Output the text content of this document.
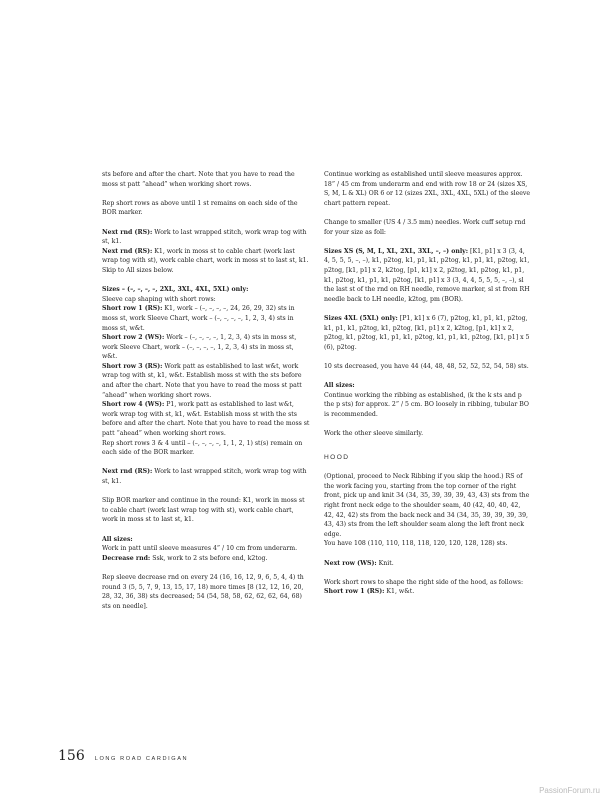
sts before and after the chart. Note that you have to read the moss st patt “ahead” when working short rows.
Rep short rows as above until 1 st remains on each side of the BOR marker.
Next rnd (RS): Work to last wrapped stitch, work wrap tog with st, k1.
Next rnd (RS): K1, work in moss st to cable chart (work last wrap tog with st), work cable chart, work in moss st to last st, k1. Skip to All sizes below.
Sizes – (–, –, –, –, 2XL, 3XL, 4XL, 5XL) only:
Sleeve cap shaping with short rows:
Short row 1 (RS): K1, work – (–, –, –, –, 24, 26, 29, 32) sts in moss st, work Sleeve Chart, work – (–, –, –, –, 1, 2, 3, 4) sts in moss st, w&t.
Short row 2 (WS): Work – (–, –, –, –, 1, 2, 3, 4) sts in moss st, work Sleeve Chart, work – (–, –, –, –, 1, 2, 3, 4) sts in moss st, w&t.
Short row 3 (RS): Work patt as established to last w&t, work wrap tog with st, k1, w&t. Establish moss st with the sts before and after the chart. Note that you have to read the moss st patt “ahead” when working short rows.
Short row 4 (WS): P1, work patt as established to last w&t, work wrap tog with st, k1, w&t. Establish moss st with the sts before and after the chart. Note that you have to read the moss st patt “ahead” when working short rows.
Rep short rows 3 & 4 until – (–, –, –, –, 1, 1, 2, 1) st(s) remain on each side of the BOR marker.
Next rnd (RS): Work to last wrapped stitch, work wrap tog with st, k1.
Slip BOR marker and continue in the round: K1, work in moss st to cable chart (work last wrap tog with st), work cable chart, work in moss st to last st, k1.
All sizes:
Work in patt until sleeve measures 4” / 10 cm from underarm.
Decrease rnd: Ssk, work to 2 sts before end, k2tog.
Rep sleeve decrease rnd on every 24 (16, 16, 12, 9, 6, 5, 4, 4) th round 3 (5, 5, 7, 9, 13, 15, 17, 18) more times [8 (12, 12, 16, 20, 28, 32, 36, 38) sts decreased; 54 (54, 58, 58, 62, 62, 62, 64, 68) sts on needle].
Continue working as established until sleeve measures approx. 18” / 45 cm from underarm and end with row 18 or 24 (sizes XS, S, M, L & XL) OR 6 or 12 (sizes 2XL, 3XL, 4XL, 5XL) of the sleeve chart pattern repeat.
Change to smaller (US 4 / 3.5 mm) needles. Work cuff setup rnd for your size as foll:
Sizes XS (S, M, L, XL, 2XL, 3XL, –, –) only: [K1, p1] x 3 (3, 4, 4, 5, 5, 5, –, –), k1, p2tog, k1, p1, k1, p2tog, k1, p1, k1, p2tog, k1, p2tog, [k1, p1] x 2, k2tog, [p1, k1] x 2, p2tog, k1, p2tog, k1, p1, k1, p2tog, k1, p1, k1, p2tog, [k1, p1] x 3 (3, 4, 4, 5, 5, 5, –, –), sl the last st of the rnd on RH needle, remove marker, sl st from RH needle back to LH needle, k2tog, pm (BOR).
Sizes 4XL (5XL) only: [P1, k1] x 6 (7), p2tog, k1, p1, k1, p2tog, k1, p1, k1, p2tog, k1, p2tog, [k1, p1] x 2, k2tog, [p1, k1] x 2, p2tog, k1, p2tog, k1, p1, k1, p2tog, k1, p1, k1, p2tog, [k1, p1] x 5 (6), p2tog.
10 sts decreased, you have 44 (44, 48, 48, 52, 52, 52, 54, 58) sts.
All sizes:
Continue working the ribbing as established, (k the k sts and p the p sts) for approx. 2” / 5 cm. BO loosely in ribbing, tubular BO is recommended.
Work the other sleeve similarly.
HOOD
(Optional, proceed to Neck Ribbing if you skip the hood.) RS of the work facing you, starting from the top corner of the right front, pick up and knit 34 (34, 35, 39, 39, 39, 43, 43) sts from the right front neck edge to the shoulder seam, 40 (42, 40, 40, 42, 42, 42, 42) sts from the back neck and 34 (34, 35, 39, 39, 39, 39, 43, 43) sts from the left shoulder seam along the left front neck edge.
You have 108 (110, 110, 118, 118, 120, 120, 128, 128) sts.
Next row (WS): Knit.
Work short rows to shape the right side of the hood, as follows:
Short row 1 (RS): K1, w&t.
156 LONG ROAD CARDIGAN
PassionForum.ru
